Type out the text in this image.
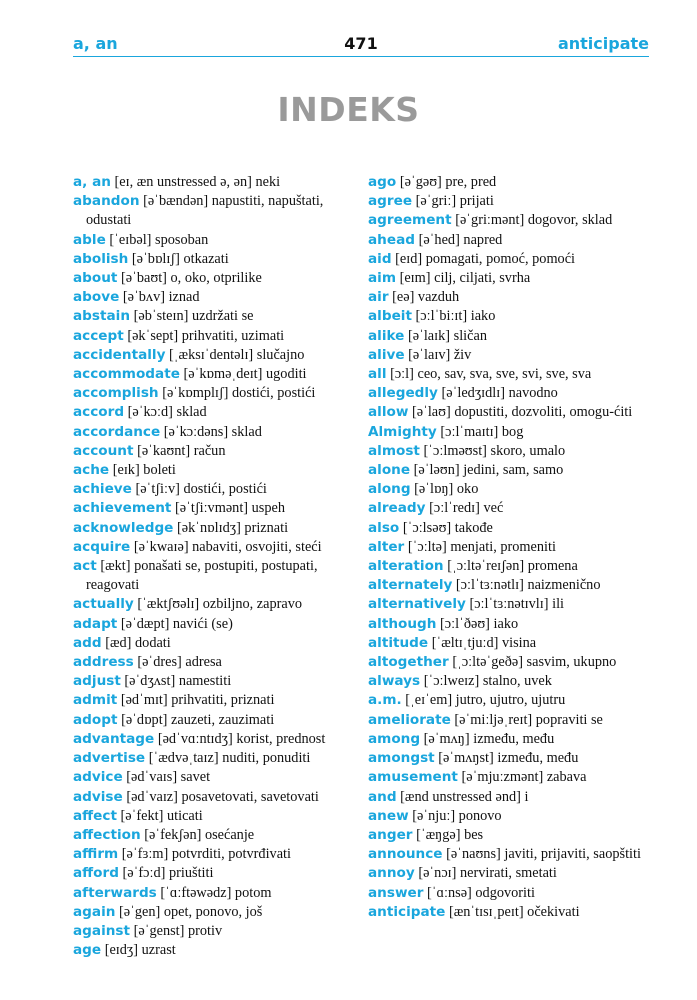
a, an	471	anticipate
INDEKS
a, an [eɪ, æn unstressed ə, ən] neki
abandon [əˈbændən] napustiti, napuštati, odustati
able [ˈeɪbəl] sposoban
abolish [əˈbɒlɪʃ] otkazati
about [əˈbaʊt] o, oko, otprilike
above [əˈbʌv] iznad
abstain [əbˈsteɪn] uzdržati se
accept [əkˈsept] prihvatiti, uzimati
accidentally [ˌæksɪˈdentəlɪ] slučajno
accommodate [əˈkɒməˌdeɪt] ugoditi
accomplish [əˈkɒmplɪʃ] dostići, postići
accord [əˈkɔːd] sklad
accordance [əˈkɔːdəns] sklad
account [əˈkaʊnt] račun
ache [eɪk] boleti
achieve [əˈtʃiːv] dostići, postići
achievement [əˈtʃiːvmənt] uspeh
acknowledge [əkˈnɒlɪdʒ] priznati
acquire [əˈkwaɪə] nabaviti, osvojiti, steći
act [ækt] ponašati se, postupiti, postupati, reagovati
actually [ˈæktʃʊəlɪ] ozbiljno, zapravo
adapt [əˈdæpt] navići (se)
add [æd] dodati
address [əˈdres] adresa
adjust [əˈdʒʌst] namestiti
admit [ədˈmɪt] prihvatiti, priznati
adopt [əˈdɒpt] zauzeti, zauzimati
advantage [ədˈvɑːntɪdʒ] korist, prednost
advertise [ˈædvəˌtaɪz] nuditi, ponuditi
advice [ədˈvaɪs] savet
advise [ədˈvaɪz] posavetovati, savetovati
affect [əˈfekt] uticati
affection [əˈfekʃən] osećanje
affirm [əˈfɜːm] potvrditi, potvrđivati
afford [əˈfɔːd] priuštiti
afterwards [ˈɑːftəwədz] potom
again [əˈgen] opet, ponovo, još
against [əˈgenst] protiv
age [eɪdʒ] uzrast
ago [əˈgəʊ] pre, pred
agree [əˈgriː] prijati
agreement [əˈgriːmənt] dogovor, sklad
ahead [əˈhed] napred
aid [eɪd] pomagati, pomoć, pomoći
aim [eɪm] cilj, ciljati, svrha
air [eə] vazduh
albeit [ɔːlˈbiːɪt] iako
alike [əˈlaɪk] sličan
alive [əˈlaɪv] živ
all [ɔːl] ceo, sav, sva, sve, svi, sve, sva
allegedly [əˈledʒɪdlɪ] navodno
allow [əˈlaʊ] dopustiti, dozvoliti, omogu-ćiti
Almighty [ɔːlˈmaɪtɪ] bog
almost [ˈɔːlməʊst] skoro, umalo
alone [əˈləʊn] jedini, sam, samo
along [əˈlɒŋ] oko
already [ɔːlˈredɪ] već
also [ˈɔːlsəʊ] takođe
alter [ˈɔːltə] menjati, promeniti
alteration [ˌɔːltəˈreɪʃən] promena
alternately [ɔːlˈtɜːnətlɪ] naizmenično
alternatively [ɔːlˈtɜːnətɪvlɪ] ili
although [ɔːlˈðəʊ] iako
altitude [ˈæltɪˌtjuːd] visina
altogether [ˌɔːltəˈgeðə] sasvim, ukupno
always [ˈɔːlweɪz] stalno, uvek
a.m. [ˌeɪˈem] jutro, ujutro, ujutru
ameliorate [əˈmiːljəˌreɪt] popraviti se
among [əˈmʌŋ] između, među
amongst [əˈmʌŋst] između, među
amusement [əˈmjuːzmənt] zabava
and [ænd unstressed ənd] i
anew [əˈnjuː] ponovo
anger [ˈæŋgə] bes
announce [əˈnaʊns] javiti, prijaviti, saopštiti
annoy [əˈnɔɪ] nervirati, smetati
answer [ˈɑːnsə] odgovoriti
anticipate [ænˈtɪsɪˌpeɪt] očekivati
